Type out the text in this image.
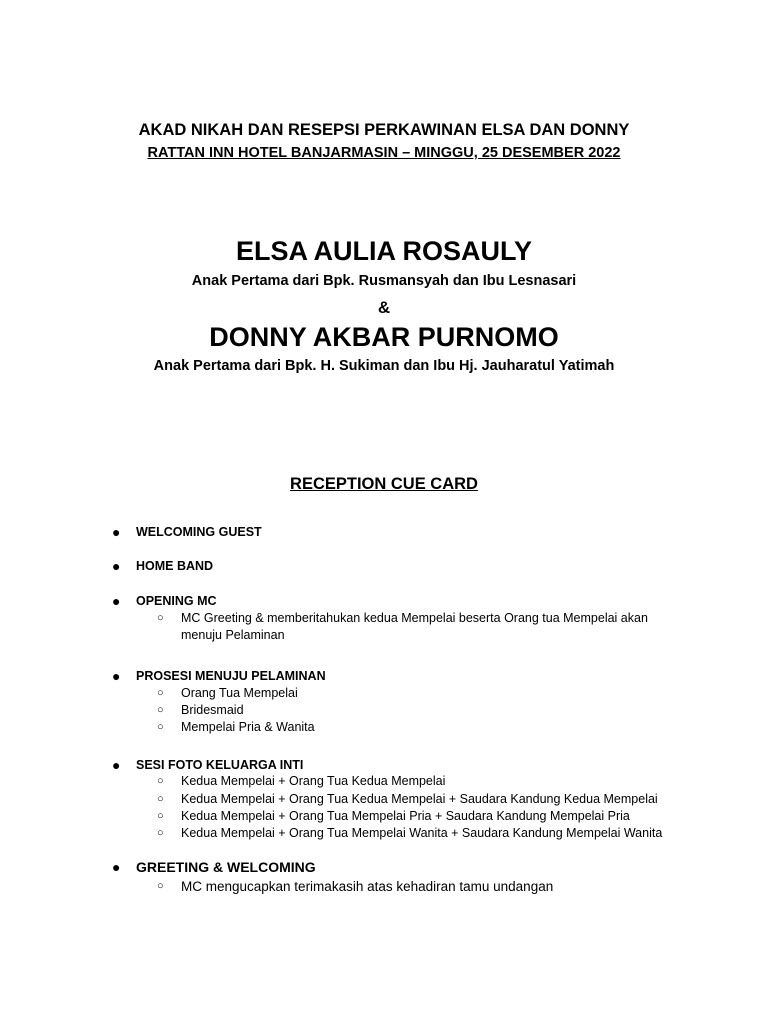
AKAD NIKAH DAN RESEPSI PERKAWINAN ELSA DAN DONNY
RATTAN INN HOTEL BANJARMASIN – MINGGU, 25 DESEMBER 2022
ELSA AULIA ROSAULY
Anak Pertama dari Bpk. Rusmansyah dan Ibu Lesnasari
&
DONNY AKBAR PURNOMO
Anak Pertama dari Bpk. H. Sukiman dan Ibu Hj. Jauharatul Yatimah
RECEPTION CUE CARD
● WELCOMING GUEST
● HOME BAND
● OPENING MC
○ MC Greeting & memberitahukan kedua Mempelai beserta Orang tua Mempelai akan
menuju Pelaminan
● PROSESI MENUJU PELAMINAN
○ Orang Tua Mempelai
○ Bridesmaid
○ Mempelai Pria & Wanita
● SESI FOTO KELUARGA INTI
○ Kedua Mempelai + Orang Tua Kedua Mempelai
○ Kedua Mempelai + Orang Tua Kedua Mempelai + Saudara Kandung Kedua Mempelai
○ Kedua Mempelai + Orang Tua Mempelai Pria + Saudara Kandung Mempelai Pria
○ Kedua Mempelai + Orang Tua Mempelai Wanita + Saudara Kandung Mempelai Wanita
● GREETING & WELCOMING
○ MC mengucapkan terimakasih atas kehadiran tamu undangan
